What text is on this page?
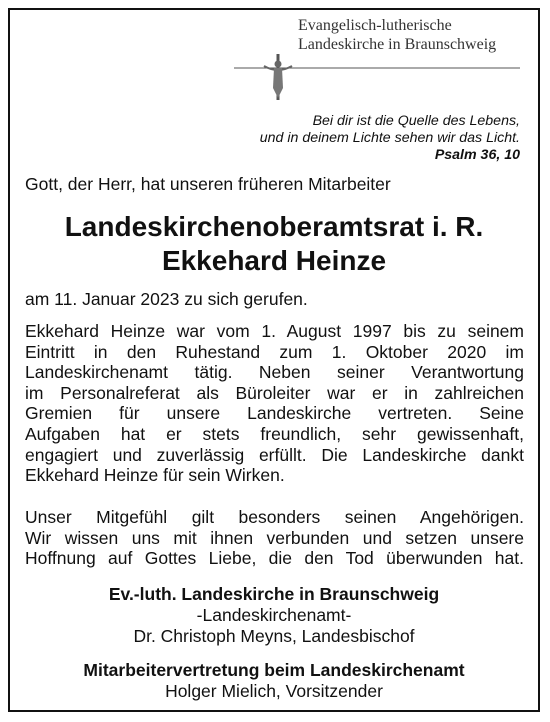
Evangelisch-lutherische
Landeskirche in Braunschweig
Bei dir ist die Quelle des Lebens,
und in deinem Lichte sehen wir das Licht.
Psalm 36, 10
Gott, der Herr, hat unseren früheren Mitarbeiter
Landeskirchenoberamtsrat i. R.
Ekkehard Heinze
am 11. Januar 2023 zu sich gerufen.
Ekkehard Heinze war vom 1. August 1997 bis zu seinem
Eintritt in den Ruhestand zum 1. Oktober 2020 im
Landeskirchenamt tätig. Neben seiner Verantwortung
im Personalreferat als Büroleiter war er in zahlreichen
Gremien für unsere Landeskirche vertreten. Seine
Aufgaben hat er stets freundlich, sehr gewissenhaft,
engagiert und zuverlässig erfüllt. Die Landeskirche dankt
Ekkehard Heinze für sein Wirken.
Unser Mitgefühl gilt besonders seinen Angehörigen.
Wir wissen uns mit ihnen verbunden und setzen unsere
Hoffnung auf Gottes Liebe, die den Tod überwunden hat.
Ev.-luth. Landeskirche in Braunschweig
-Landeskirchenamt-
Dr. Christoph Meyns, Landesbischof
Mitarbeitervertretung beim Landeskirchenamt
Holger Mielich, Vorsitzender
